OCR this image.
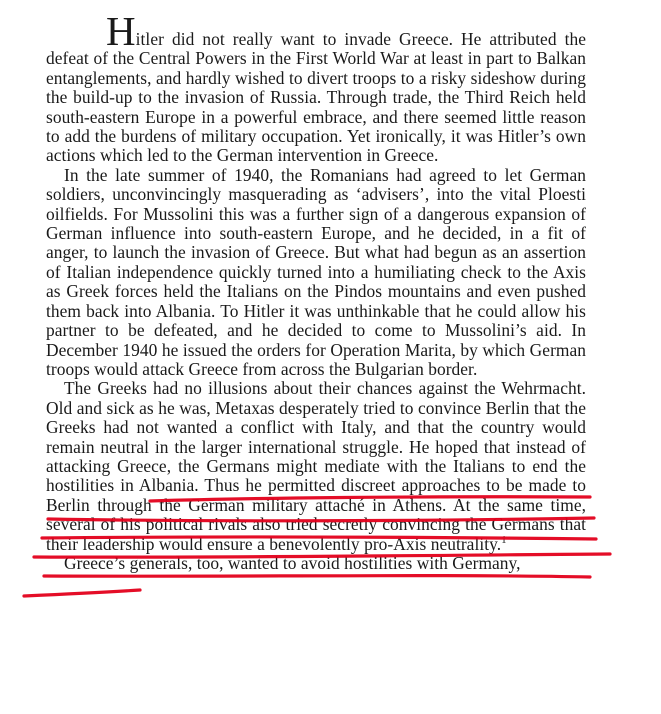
Hitler did not really want to invade Greece. He attributed the defeat of the Central Powers in the First World War at least in part to Balkan entanglements, and hardly wished to divert troops to a risky sideshow during the build-up to the invasion of Russia. Through trade, the Third Reich held south-eastern Europe in a powerful embrace, and there seemed little reason to add the burdens of military occupation. Yet ironically, it was Hitler’s own actions which led to the German intervention in Greece.

In the late summer of 1940, the Romanians had agreed to let German soldiers, unconvincingly masquerading as ‘advisers’, into the vital Ploesti oilfields. For Mussolini this was a further sign of a dangerous expansion of German influence into south-eastern Europe, and he decided, in a fit of anger, to launch the invasion of Greece. But what had begun as an assertion of Italian independence quickly turned into a humiliating check to the Axis as Greek forces held the Italians on the Pindos mountains and even pushed them back into Albania. To Hitler it was unthinkable that he could allow his partner to be defeated, and he decided to come to Mussolini’s aid. In December 1940 he issued the orders for Operation Marita, by which German troops would attack Greece from across the Bulgarian border.

The Greeks had no illusions about their chances against the Wehrmacht. Old and sick as he was, Metaxas desperately tried to convince Berlin that the Greeks had not wanted a conflict with Italy, and that the country would remain neutral in the larger international struggle. He hoped that instead of attacking Greece, the Germans might mediate with the Italians to end the hostilities in Albania. Thus he permitted discreet approaches to be made to Berlin through the German military attaché in Athens. At the same time, several of his political rivals also tried secretly convincing the Germans that their leadership would ensure a benevolently pro-Axis neutrality.$^1$

Greece’s generals, too, wanted to avoid hostilities with Germany,
